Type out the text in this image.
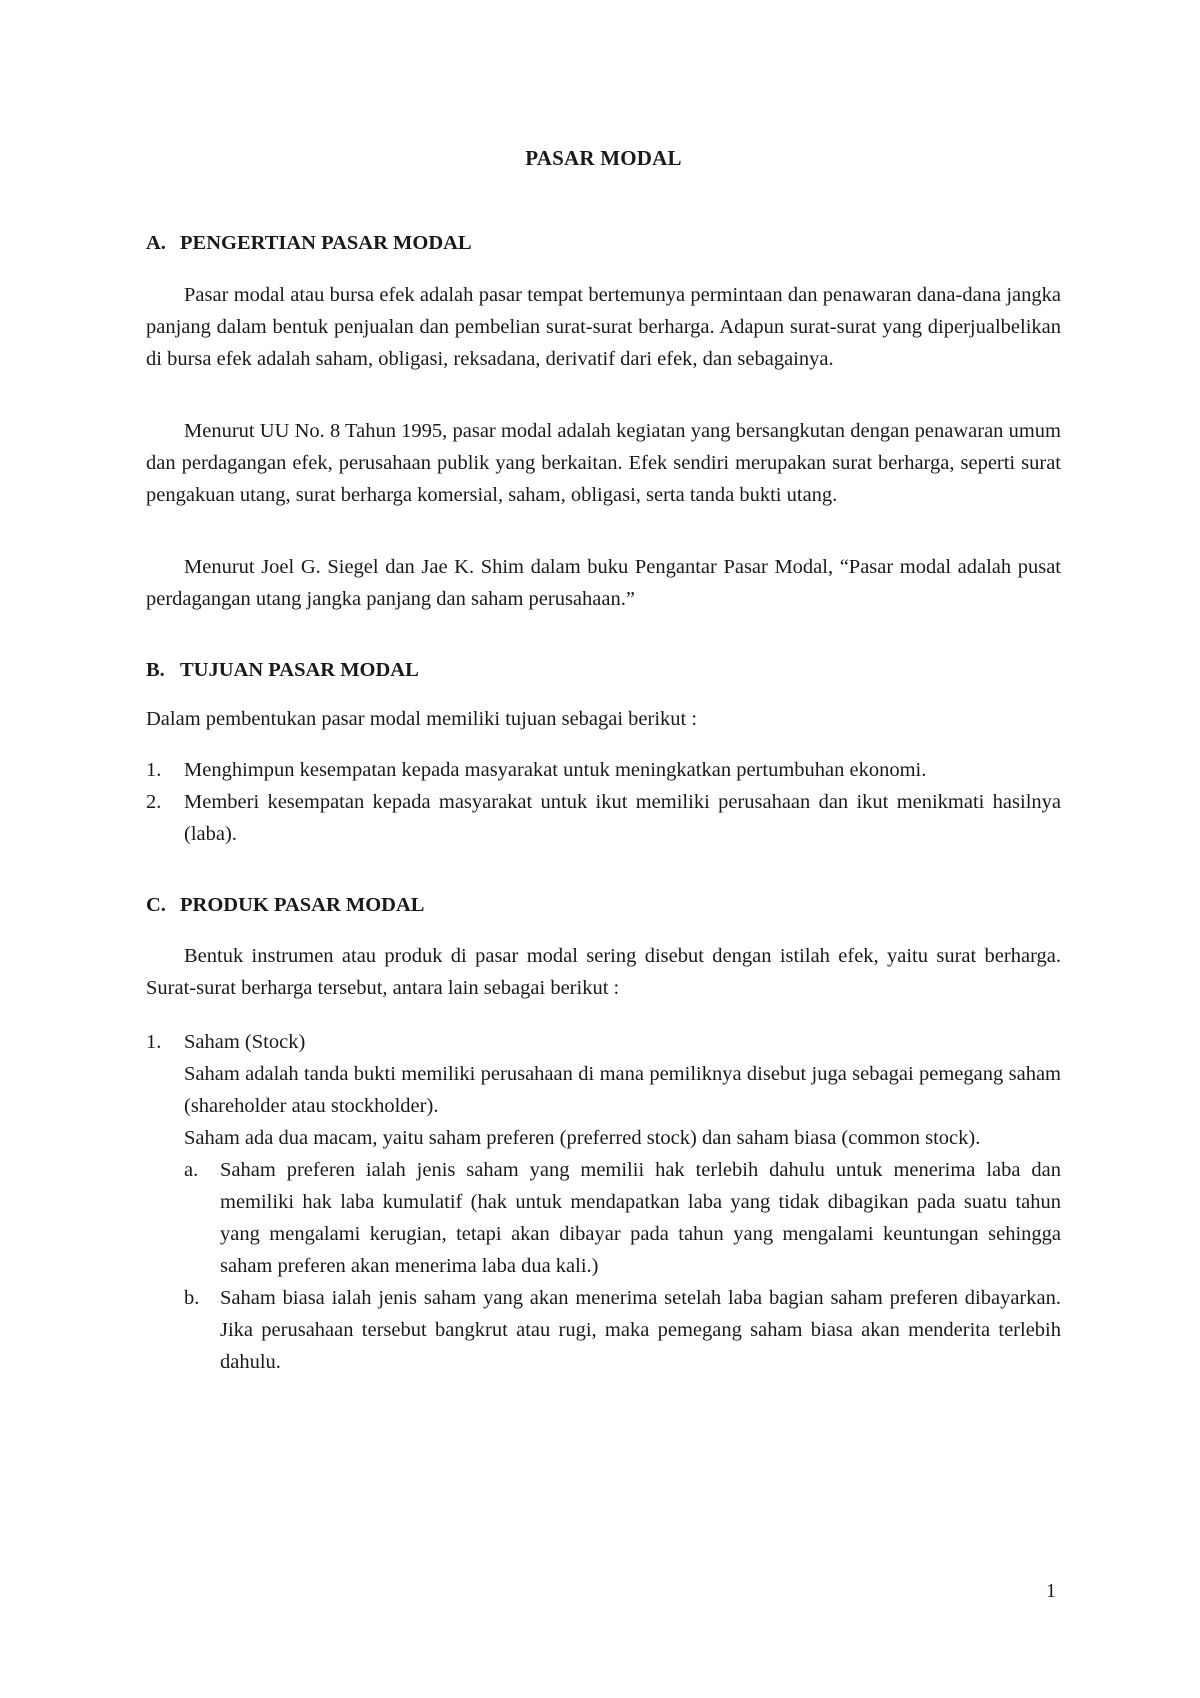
PASAR MODAL
A. PENGERTIAN PASAR MODAL

Pasar modal atau bursa efek adalah pasar tempat bertemunya permintaan dan penawaran dana-dana jangka panjang dalam bentuk penjualan dan pembelian surat-surat berharga. Adapun surat-surat yang diperjualbelikan di bursa efek adalah saham, obligasi, reksadana, derivatif dari efek, dan sebagainya.

Menurut UU No. 8 Tahun 1995, pasar modal adalah kegiatan yang bersangkutan dengan penawaran umum dan perdagangan efek, perusahaan publik yang berkaitan. Efek sendiri merupakan surat berharga, seperti surat pengakuan utang, surat berharga komersial, saham, obligasi, serta tanda bukti utang.

Menurut Joel G. Siegel dan Jae K. Shim dalam buku Pengantar Pasar Modal, “Pasar modal adalah pusat perdagangan utang jangka panjang dan saham perusahaan.”

B. TUJUAN PASAR MODAL

Dalam pembentukan pasar modal memiliki tujuan sebagai berikut :

1. Menghimpun kesempatan kepada masyarakat untuk meningkatkan pertumbuhan ekonomi.
2. Memberi kesempatan kepada masyarakat untuk ikut memiliki perusahaan dan ikut menikmati hasilnya (laba).
C. PRODUK PASAR MODAL

Bentuk instrumen atau produk di pasar modal sering disebut dengan istilah efek, yaitu surat berharga. Surat-surat berharga tersebut, antara lain sebagai berikut :

1. Saham (Stock)
Saham adalah tanda bukti memiliki perusahaan di mana pemiliknya disebut juga sebagai pemegang saham (shareholder atau stockholder).
Saham ada dua macam, yaitu saham preferen (preferred stock) dan saham biasa (common stock).
a. Saham preferen ialah jenis saham yang memilii hak terlebih dahulu untuk menerima laba dan memiliki hak laba kumulatif (hak untuk mendapatkan laba yang tidak dibagikan pada suatu tahun yang mengalami kerugian, tetapi akan dibayar pada tahun yang mengalami keuntungan sehingga saham preferen akan menerima laba dua kali.)
b. Saham biasa ialah jenis saham yang akan menerima setelah laba bagian saham preferen dibayarkan. Jika perusahaan tersebut bangkrut atau rugi, maka pemegang saham biasa akan menderita terlebih dahulu.

1
